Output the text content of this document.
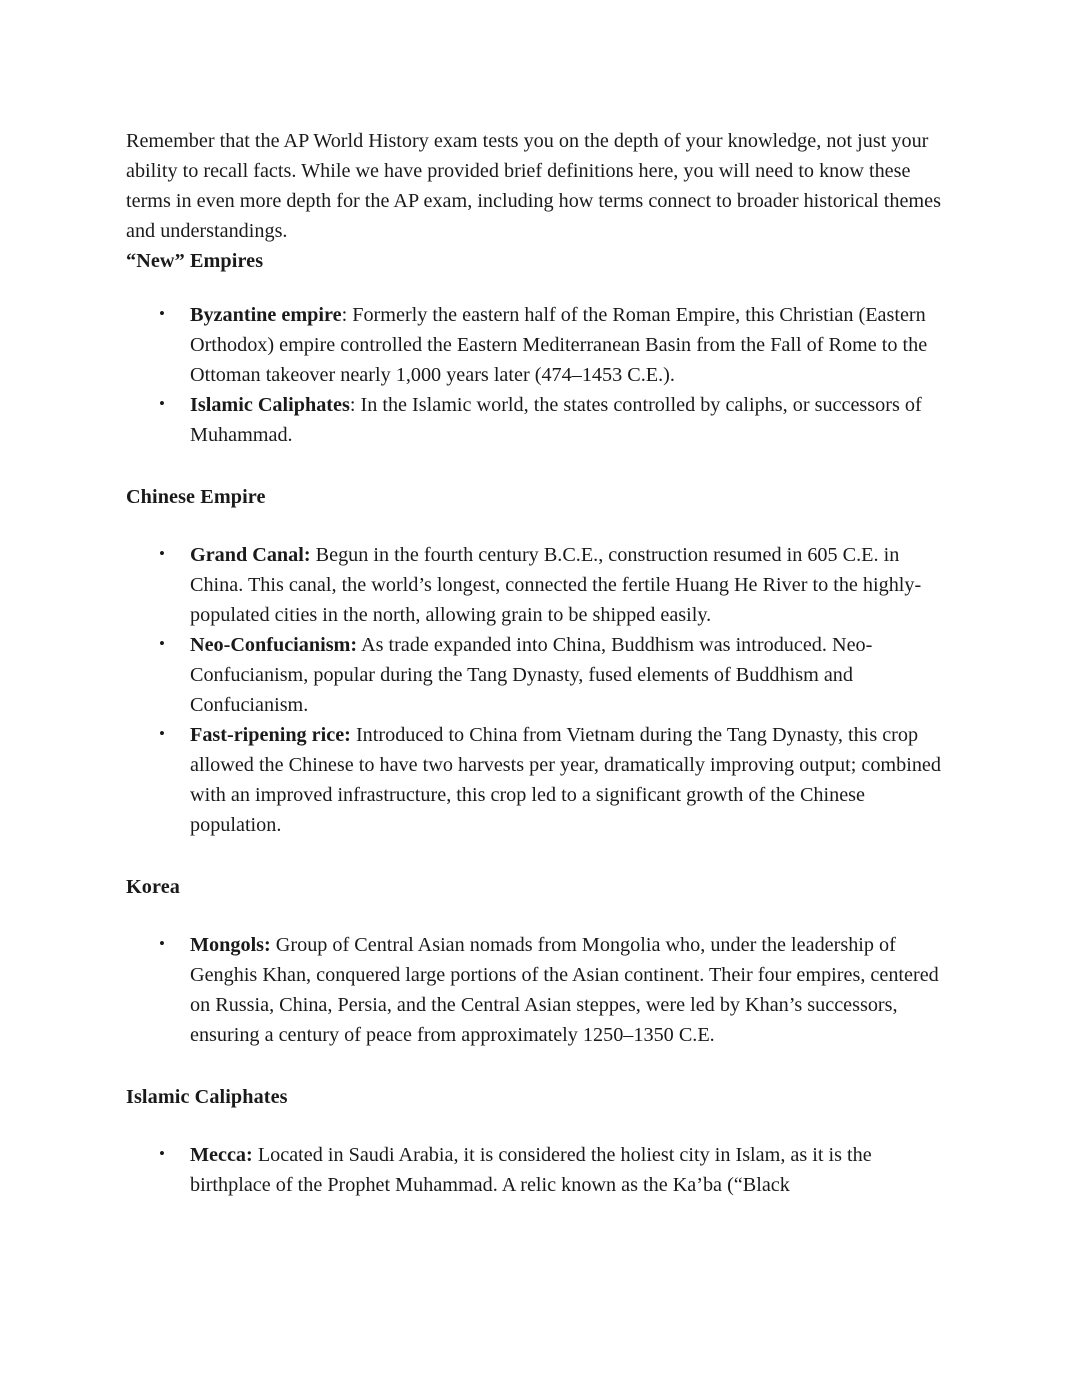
Remember that the AP World History exam tests you on the depth of your knowledge, not just your ability to recall facts. While we have provided brief definitions here, you will need to know these terms in even more depth for the AP exam, including how terms connect to broader historical themes and understandings.

“New” Empires
• Byzantine empire: Formerly the eastern half of the Roman Empire, this Christian (Eastern Orthodox) empire controlled the Eastern Mediterranean Basin from the Fall of Rome to the Ottoman takeover nearly 1,000 years later (474–1453 C.E.).
• Islamic Caliphates: In the Islamic world, the states controlled by caliphs, or successors of Muhammad.
Chinese Empire
• Grand Canal: Begun in the fourth century B.C.E., construction resumed in 605 C.E. in China. This canal, the world’s longest, connected the fertile Huang He River to the highly-populated cities in the north, allowing grain to be shipped easily.
• Neo-Confucianism: As trade expanded into China, Buddhism was introduced. Neo-Confucianism, popular during the Tang Dynasty, fused elements of Buddhism and Confucianism.
• Fast-ripening rice: Introduced to China from Vietnam during the Tang Dynasty, this crop allowed the Chinese to have two harvests per year, dramatically improving output; combined with an improved infrastructure, this crop led to a significant growth of the Chinese population.
Korea
• Mongols: Group of Central Asian nomads from Mongolia who, under the leadership of Genghis Khan, conquered large portions of the Asian continent. Their four empires, centered on Russia, China, Persia, and the Central Asian steppes, were led by Khan’s successors, ensuring a century of peace from approximately 1250–1350 C.E.
Islamic Caliphates
• Mecca: Located in Saudi Arabia, it is considered the holiest city in Islam, as it is the birthplace of the Prophet Muhammad. A relic known as the Ka’ba (“Black
